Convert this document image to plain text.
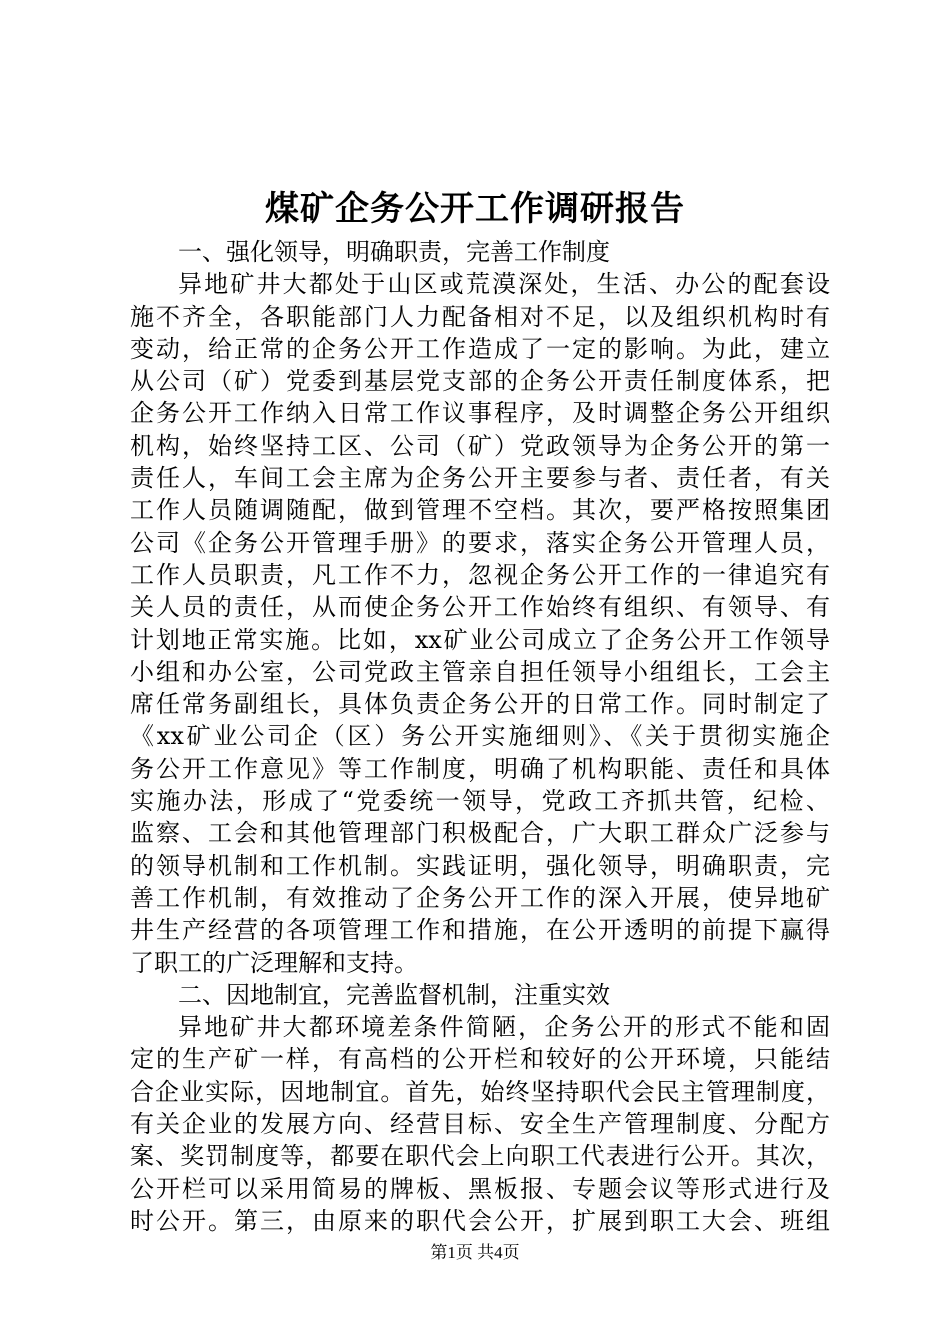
煤矿企务公开工作调研报告
一、强化领导，明确职责，完善工作制度
异地矿井大都处于山区或荒漠深处，生活、办公的配套设
施不齐全，各职能部门人力配备相对不足，以及组织机构时有
变动，给正常的企务公开工作造成了一定的影响。为此，建立
从公司（矿）党委到基层党支部的企务公开责任制度体系，把
企务公开工作纳入日常工作议事程序，及时调整企务公开组织
机构，始终坚持工区、公司（矿）党政领导为企务公开的第一
责任人，车间工会主席为企务公开主要参与者、责任者，有关
工作人员随调随配，做到管理不空档。其次，要严格按照集团
公司《企务公开管理手册》的要求，落实企务公开管理人员，
工作人员职责，凡工作不力，忽视企务公开工作的一律追究有
关人员的责任，从而使企务公开工作始终有组织、有领导、有
计划地正常实施。比如，xx矿业公司成立了企务公开工作领导
小组和办公室，公司党政主管亲自担任领导小组组长，工会主
席任常务副组长，具体负责企务公开的日常工作。同时制定了
《xx矿业公司企（区）务公开实施细则》、《关于贯彻实施企
务公开工作意见》等工作制度，明确了机构职能、责任和具体
实施办法，形成了“党委统一领导，党政工齐抓共管，纪检、
监察、工会和其他管理部门积极配合，广大职工群众广泛参与
的领导机制和工作机制。实践证明，强化领导，明确职责，完
善工作机制，有效推动了企务公开工作的深入开展，使异地矿
井生产经营的各项管理工作和措施，在公开透明的前提下赢得
了职工的广泛理解和支持。
二、因地制宜，完善监督机制，注重实效
异地矿井大都环境差条件简陋，企务公开的形式不能和固
定的生产矿一样，有高档的公开栏和较好的公开环境，只能结
合企业实际，因地制宜。首先，始终坚持职代会民主管理制度，
有关企业的发展方向、经营目标、安全生产管理制度、分配方
案、奖罚制度等，都要在职代会上向职工代表进行公开。其次，
公开栏可以采用简易的牌板、黑板报、专题会议等形式进行及
时公开。第三，由原来的职代会公开，扩展到职工大会、班组
第1页 共4页
